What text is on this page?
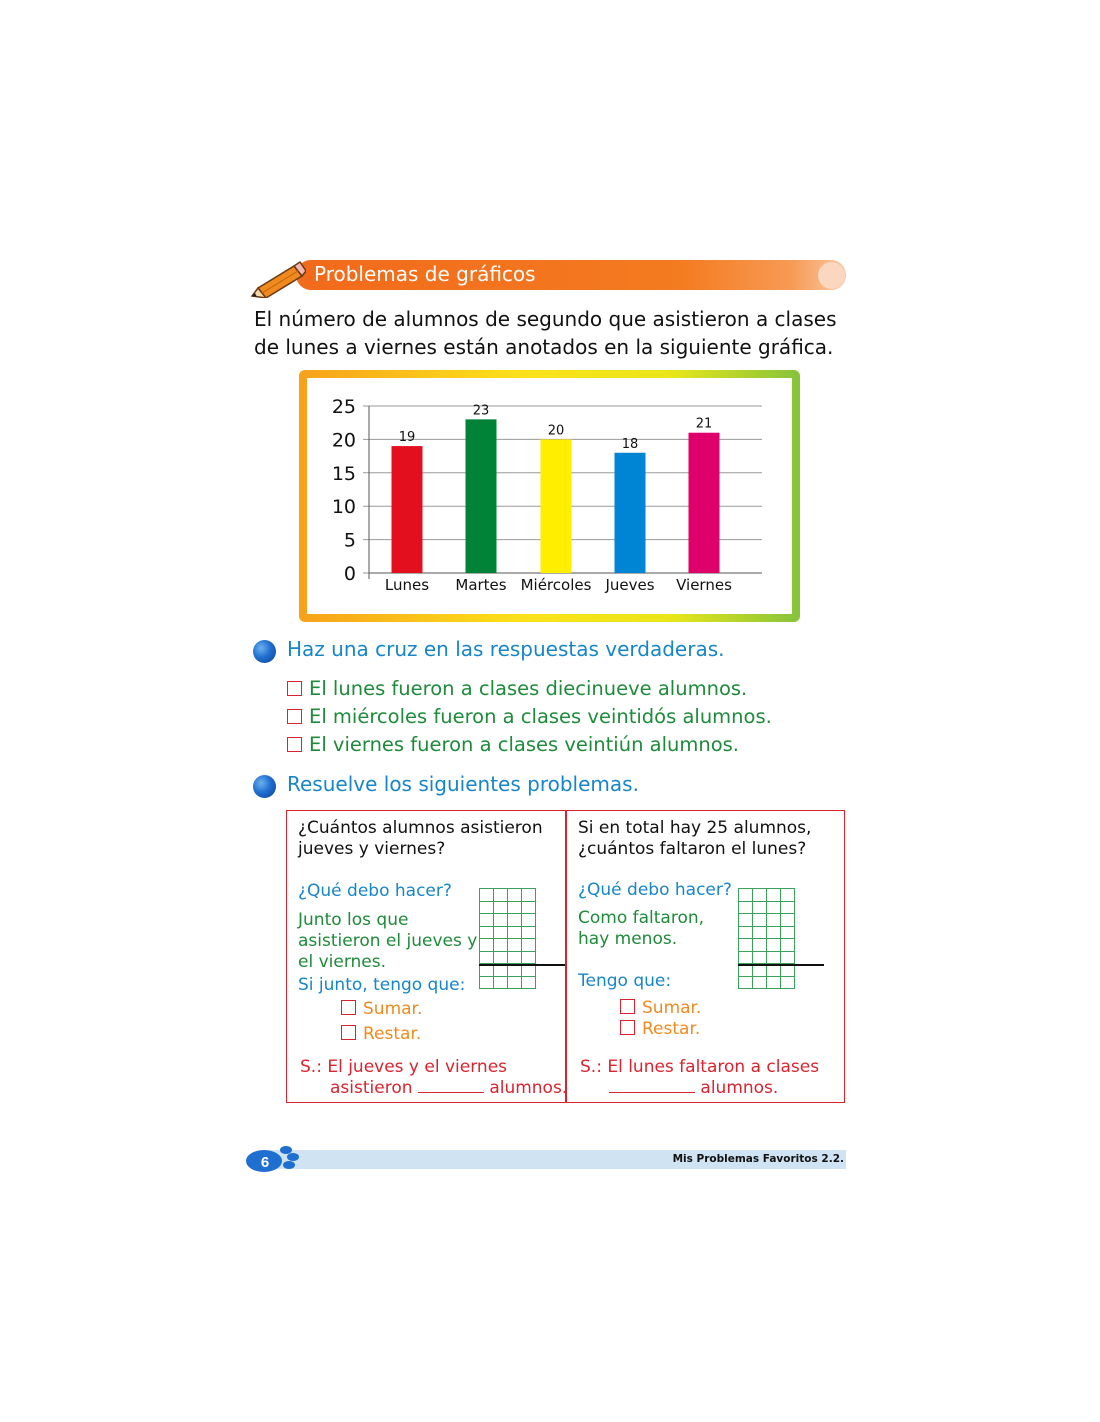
Problemas de gráficos
El número de alumnos de segundo que asistieron a clases de lunes a viernes están anotados en la siguiente gráfica.
0
5
10
15
20
25
19
Lunes
23
Martes
20
Miércoles
18
Jueves
21
Viernes
Haz una cruz en las respuestas verdaderas.
El lunes fueron a clases diecinueve alumnos.
El miércoles fueron a clases veintidós alumnos.
El viernes fueron a clases veintiún alumnos.
Resuelve los siguientes problemas.
¿Cuántos alumnos asistieron
jueves y viernes?
¿Qué debo hacer?
Junto los que
asistieron el jueves y
el viernes.
Si junto, tengo que:
Sumar.
Restar.
S.: El jueves y el viernes
asistieron	alumnos.

Si en total hay 25 alumnos,
¿cuántos faltaron el lunes?
¿Qué debo hacer?
Como faltaron,
hay menos.
Tengo que:
Sumar.
Restar.
S.: El lunes faltaron a clases
alumnos.

6	Mis Problemas Favoritos 2.2.
